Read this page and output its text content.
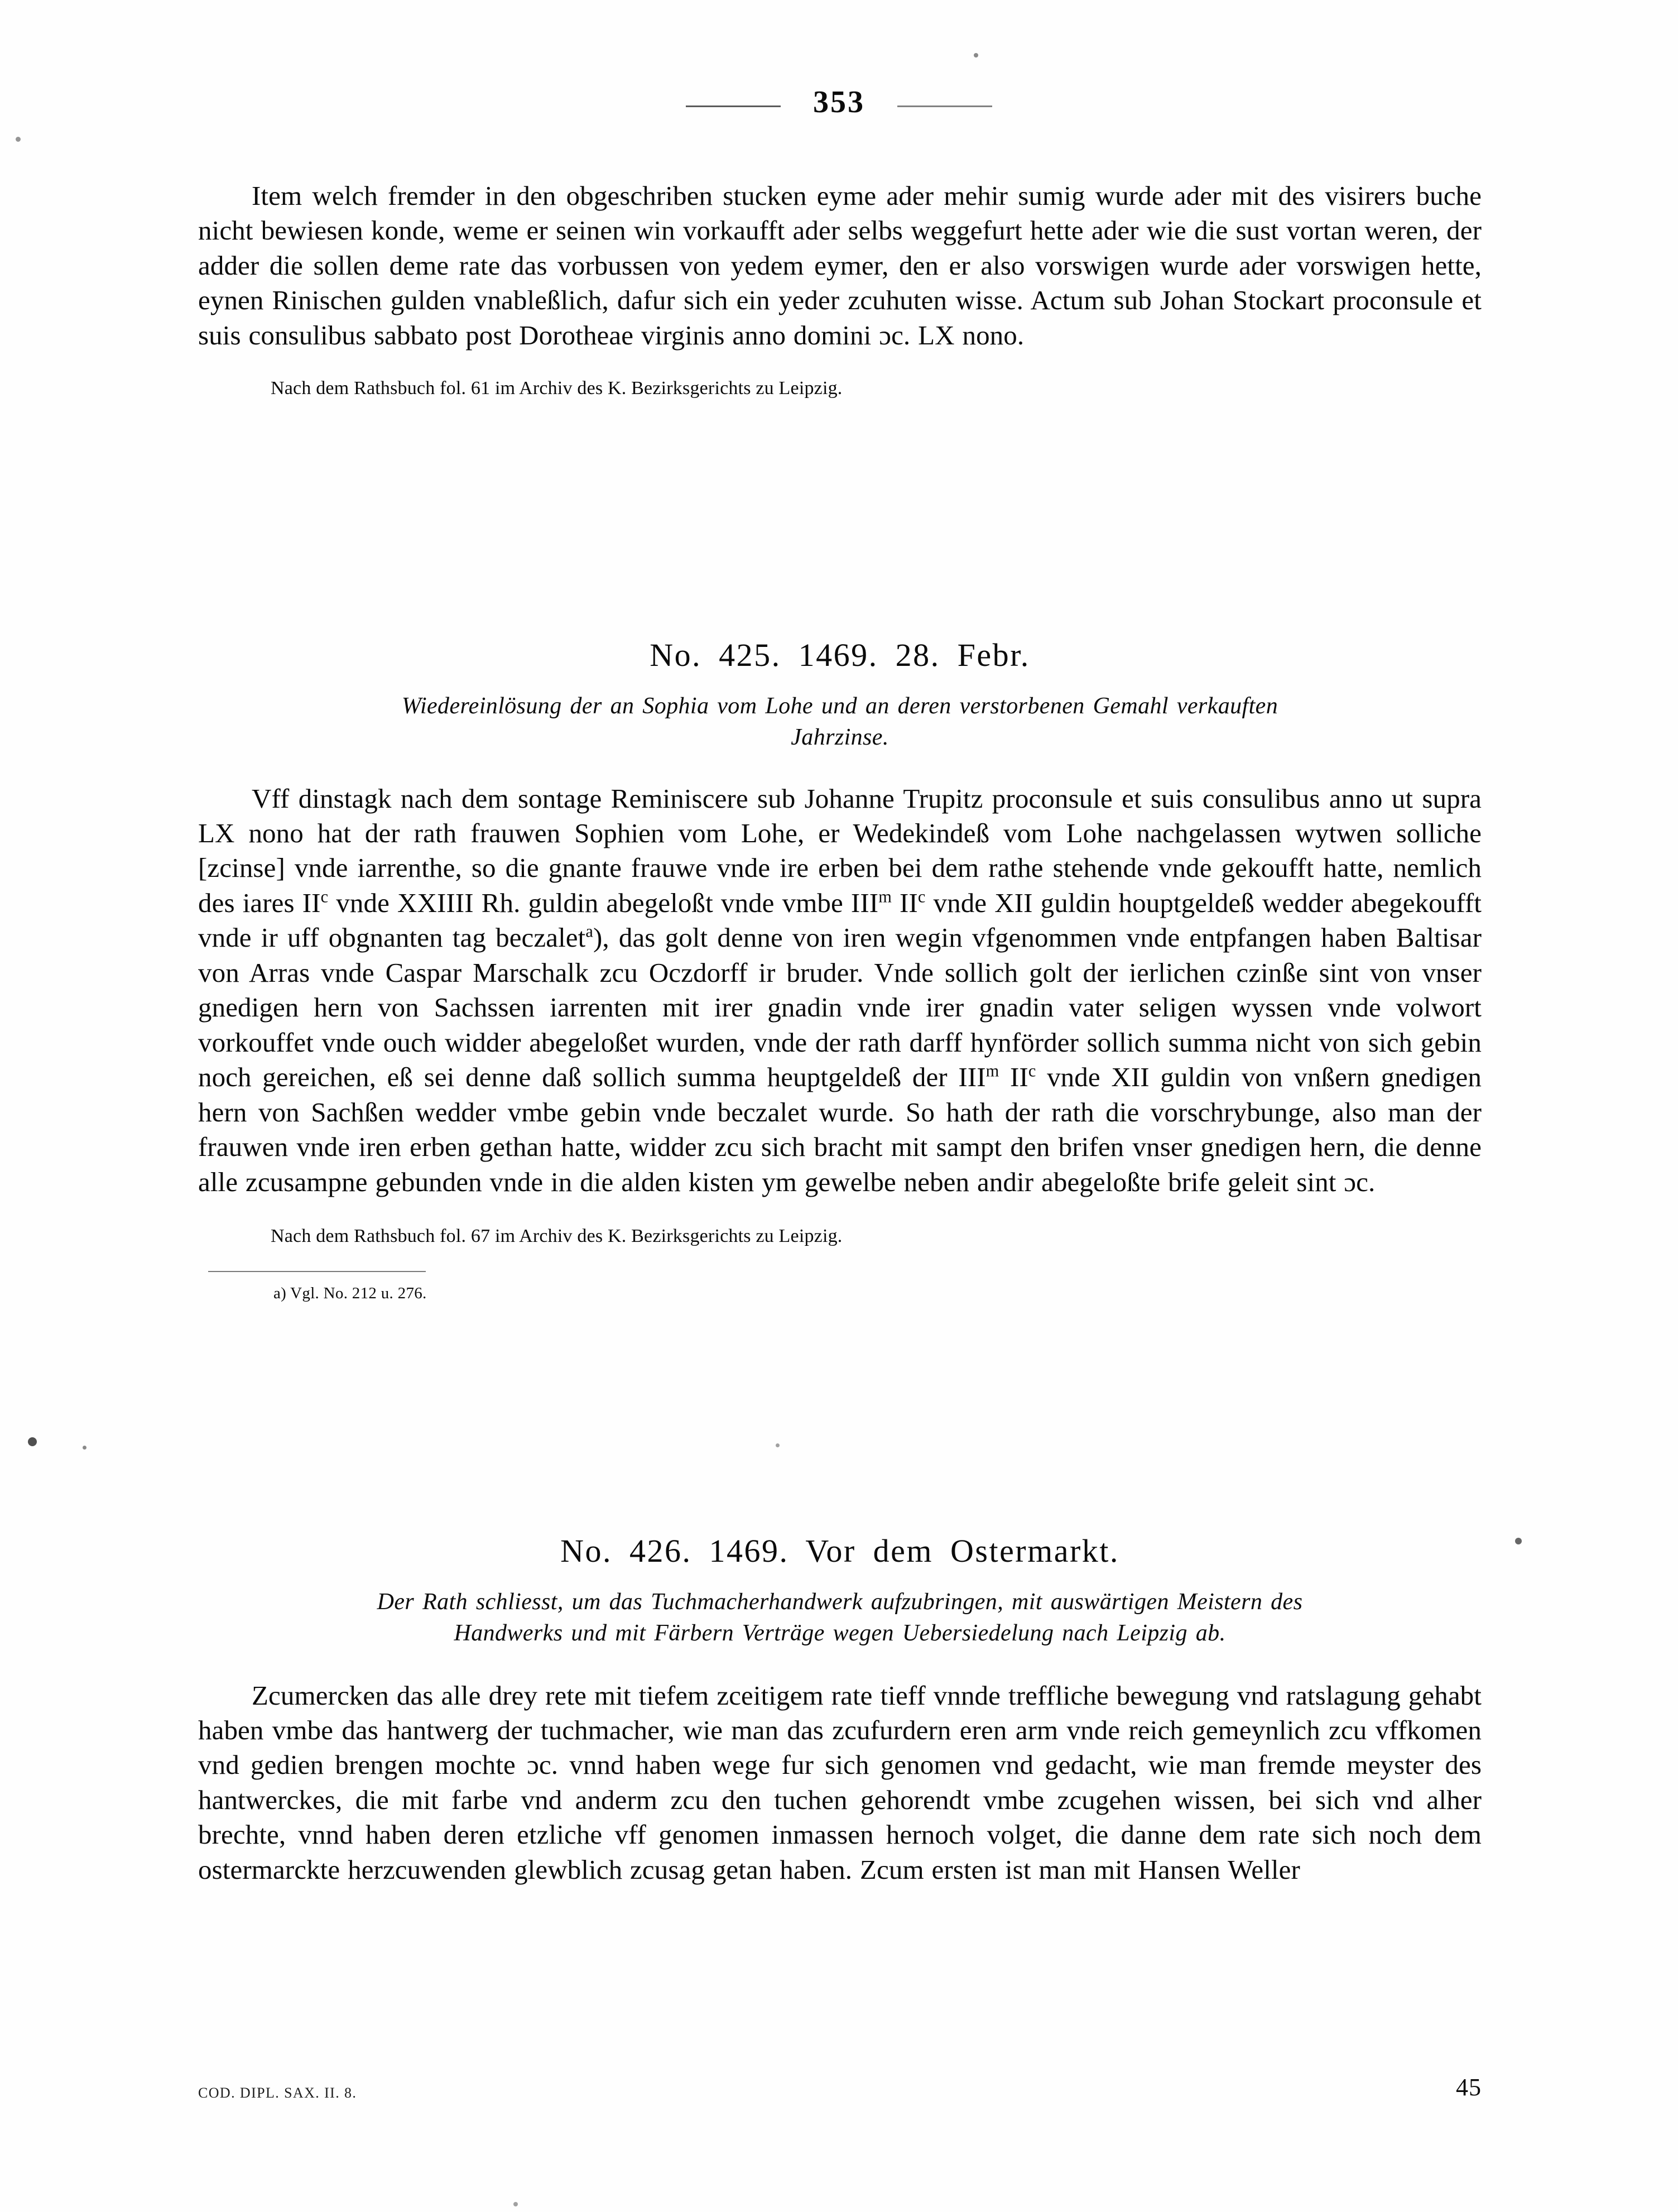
353

Item welch fremder in den obgeschriben stucken eyme ader mehir sumig wurde ader mit des visirers buche nicht bewiesen konde, weme er seinen win vorkaufft ader selbs weggefurt hette ader wie die sust vortan weren, der adder die sollen deme rate das vorbussen von yedem eymer, den er also vorswigen wurde ader vorswigen hette, eynen Rinischen gulden vnableßlich, dafur sich ein yeder zcuhuten wisse. Actum sub Johan Stockart proconsule et suis consulibus sabbato post Dorotheae virginis anno domini ɔc. LX nono.

Nach dem Rathsbuch fol. 61 im Archiv des K. Bezirksgerichts zu Leipzig.

No. 425. 1469. 28. Febr.

Wiedereinlösung der an Sophia vom Lohe und an deren verstorbenen Gemahl verkauften

Jahrzinse.

Vff dinstagk nach dem sontage Reminiscere sub Johanne Trupitz proconsule et suis consulibus anno ut supra LX nono hat der rath frauwen Sophien vom Lohe, er Wedekindeß vom Lohe nachgelassen wytwen solliche [zcinse] vnde iarrenthe, so die gnante frauwe vnde ire erben bei dem rathe stehende vnde gekoufft hatte, nemlich des iares $II^c$ vnde XXIIII Rh. guldin abegeloßt vnde vmbe III$^m$ $II^c$ vnde XII guldin houptgeldeß wedder abegekoufft vnde ir uff obgnanten tag beczalet$^a$), das golt denne von iren wegin vfgenommen vnde entpfangen haben Baltisar von Arras vnde Caspar Marschalk zcu Oczdorff ir bruder. Vnde sollich golt der ierlichen czinße sint von vnser gnedigen hern von Sachssen iarrenten mit irer gnadin vnde irer gnadin vater seligen wyssen vnde volwort vorkouffet vnde ouch widder abegeloßet wurden, vnde der rath darff hynförder sollich summa nicht von sich gebin noch gereichen, eß sei denne daß sollich summa heuptgeldeß der III$^m$ $II^c$ vnde XII guldin von vnßern gnedigen hern von Sachßen wedder vmbe gebin vnde beczalet wurde. So hath der rath die vorschrybunge, also man der frauwen vnde iren erben gethan hatte, widder zcu sich bracht mit sampt den brifen vnser gnedigen hern, die denne alle zcusampne gebunden vnde in die alden kisten ym gewelbe neben andir abegeloßte brife geleit sint ɔc.

Nach dem Rathsbuch fol. 67 im Archiv des K. Bezirksgerichts zu Leipzig.

a) Vgl. No. 212 u. 276.

No. 426. 1469. Vor dem Ostermarkt.

Der Rath schliesst, um das Tuchmacherhandwerk aufzubringen, mit auswärtigen Meistern des

Handwerks und mit Färbern Verträge wegen Uebersiedelung nach Leipzig ab.

Zcumercken das alle drey rete mit tiefem zceitigem rate tieff vnnde treffliche bewegung vnd ratslagung gehabt haben vmbe das hantwerg der tuchmacher, wie man das zcufurdern eren arm vnde reich gemeynlich zcu vffkomen vnd gedien brengen mochte ɔc. vnnd haben wege fur sich genomen vnd gedacht, wie man fremde meyster des hantwerckes, die mit farbe vnd anderm zcu den tuchen gehorendt vmbe zcugehen wissen, bei sich vnd alher brechte, vnnd haben deren etzliche vff genomen inmassen hernoch volget, die danne dem rate sich noch dem ostermarckte herzcuwenden glewblich zcusag getan haben. Zcum ersten ist man mit Hansen Weller

COD. DIPL. SAX. II. 8.	45
